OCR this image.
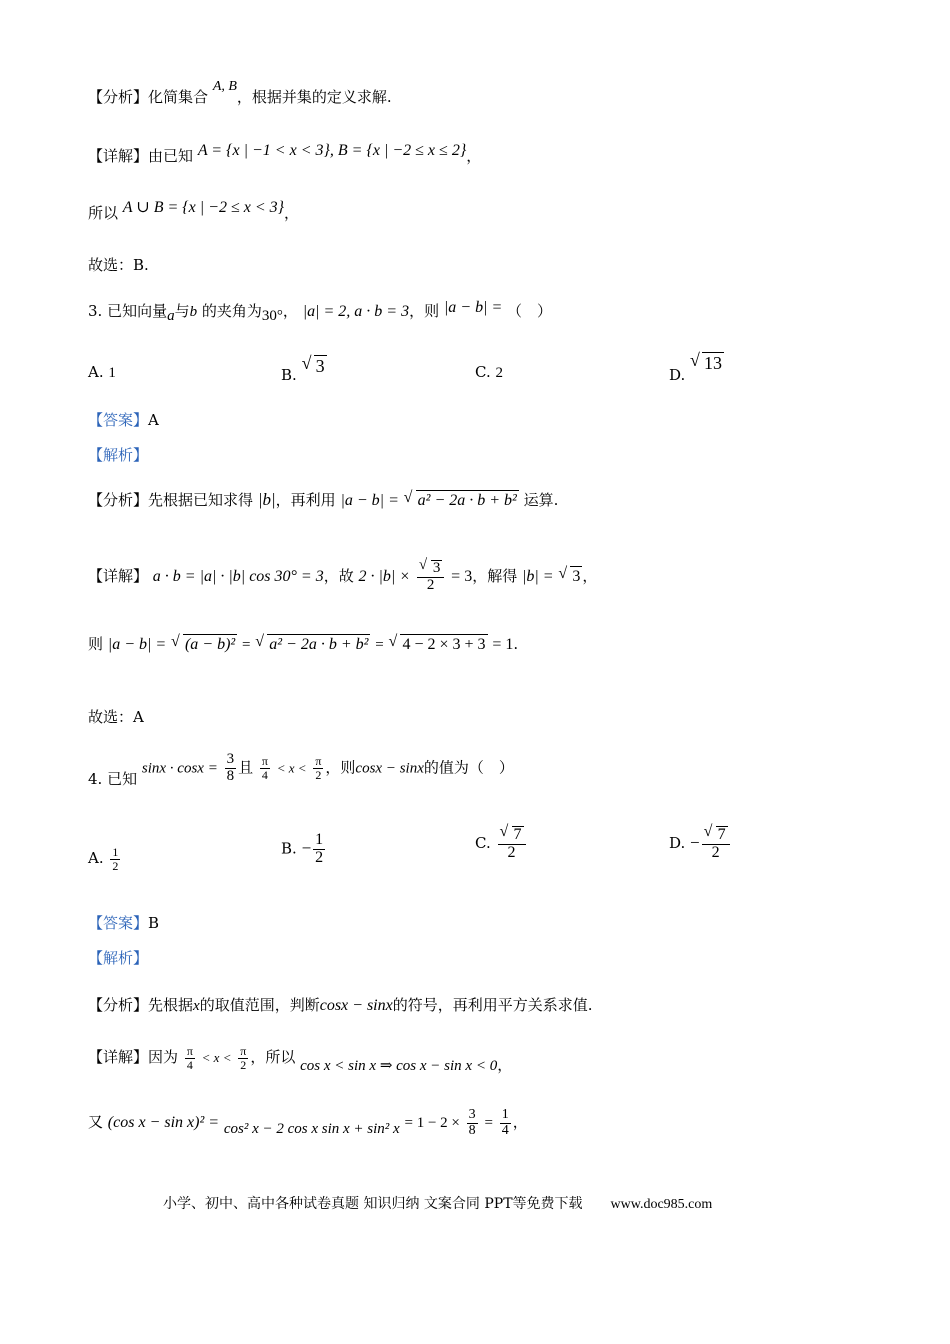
【分析】化简集合 A, B，根据并集的定义求解.
【详解】由已知 A = {x | −1 < x < 3}, B = {x | −2 ≤ x ≤ 2}，
所以 A ∪ B = {x | −2 ≤ x < 3}，
故选：B.
3. 已知向量a与b 的夹角为30°， |a| = 2, a · b = 3，则 |a − b| = （　）
A. 1	B. √ 3	C. 2	D. √ 13
【答案】A
【解析】
【分析】先根据已知求得 |b|，再利用 |a − b| = √ a² − 2a · b + b² 运算.
【详解】 a · b = |a| · |b| cos 30° = 3，故 2 · |b| × √ $\frac{3}{2} = 3$，解得 |b| = √ 3 ，
则 |a − b| = √ (a − b)² = √ a² − 2a · b + b² = √ 4 − 2 × 3 + 3 = 1.
故选：A
4. 已知 $\sin x \cdot \cos x = \frac{3}{8}$ 且 $\frac{\pi}{4} < x < \frac{\pi}{2}$ ，则cosx − sinx的值为（　）
A. $\frac{1}{2}$	B. − $\frac{1}{2}$	C. √ $\frac{7}{2}$	D. − √ $\frac{7}{2}$
【答案】B
【解析】
【分析】先根据x的取值范围，判断cosx − sinx的符号，再利用平方关系求值.
【详解】因为 $\frac{\pi}{4} < x < \frac{\pi}{2}$ ，所以 cos x < sin x ⇒ cos x − sin x < 0，
又 (cos x − sin x)² = cos² x − 2 cos x sin x + sin² $x = 1 - 2 \times \frac{3}{8} = \frac{1}{4}$ ，
小学、初中、高中各种试卷真题 知识归纳 文案合同 PPT等免费下载 www.doc985.com
